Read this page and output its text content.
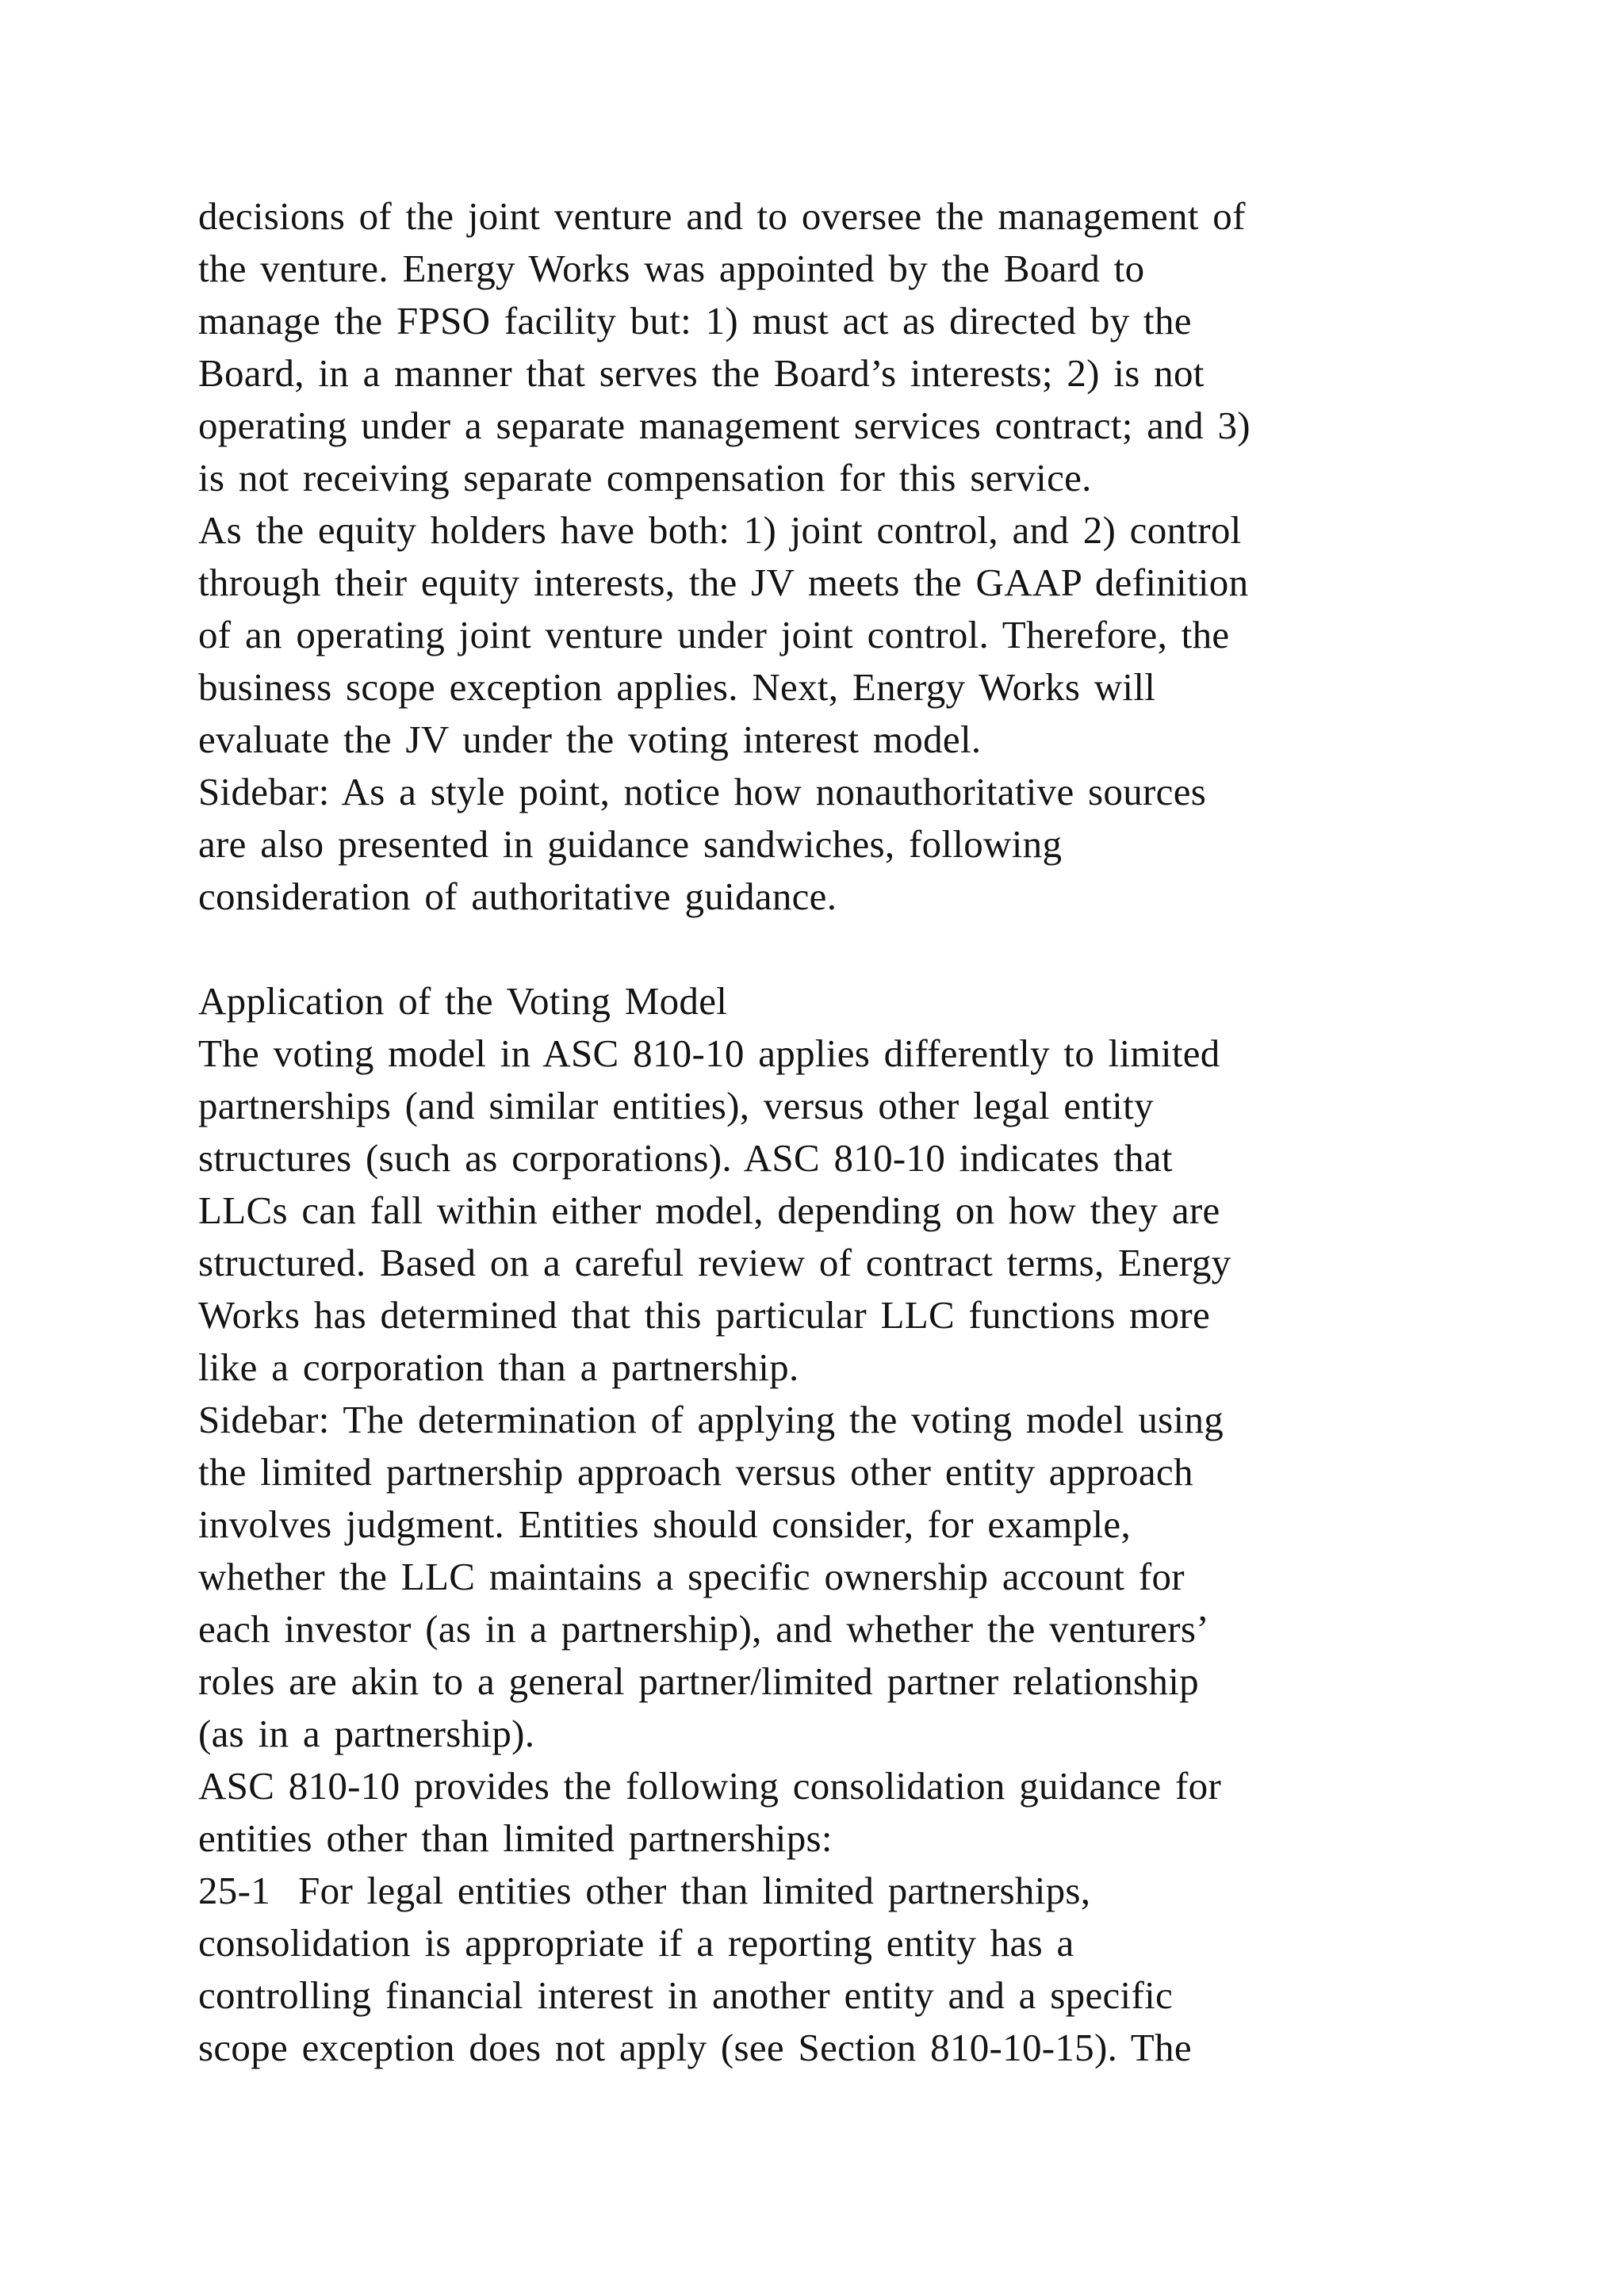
decisions of the joint venture and to oversee the management of
the venture. Energy Works was appointed by the Board to
manage the FPSO facility but: 1) must act as directed by the
Board, in a manner that serves the Board’s interests; 2) is not
operating under a separate management services contract; and 3)
is not receiving separate compensation for this service.
As the equity holders have both: 1) joint control, and 2) control
through their equity interests, the JV meets the GAAP definition
of an operating joint venture under joint control. Therefore, the
business scope exception applies. Next, Energy Works will
evaluate the JV under the voting interest model.
Sidebar: As a style point, notice how nonauthoritative sources
are also presented in guidance sandwiches, following
consideration of authoritative guidance.
Application of the Voting Model
The voting model in ASC 810-10 applies differently to limited
partnerships (and similar entities), versus other legal entity
structures (such as corporations). ASC 810-10 indicates that
LLCs can fall within either model, depending on how they are
structured. Based on a careful review of contract terms, Energy
Works has determined that this particular LLC functions more
like a corporation than a partnership.
Sidebar: The determination of applying the voting model using
the limited partnership approach versus other entity approach
involves judgment. Entities should consider, for example,
whether the LLC maintains a specific ownership account for
each investor (as in a partnership), and whether the venturers’
roles are akin to a general partner/limited partner relationship
(as in a partnership).
ASC 810-10 provides the following consolidation guidance for
entities other than limited partnerships:
25-1  For legal entities other than limited partnerships,
consolidation is appropriate if a reporting entity has a
controlling financial interest in another entity and a specific
scope exception does not apply (see Section 810-10-15). The
